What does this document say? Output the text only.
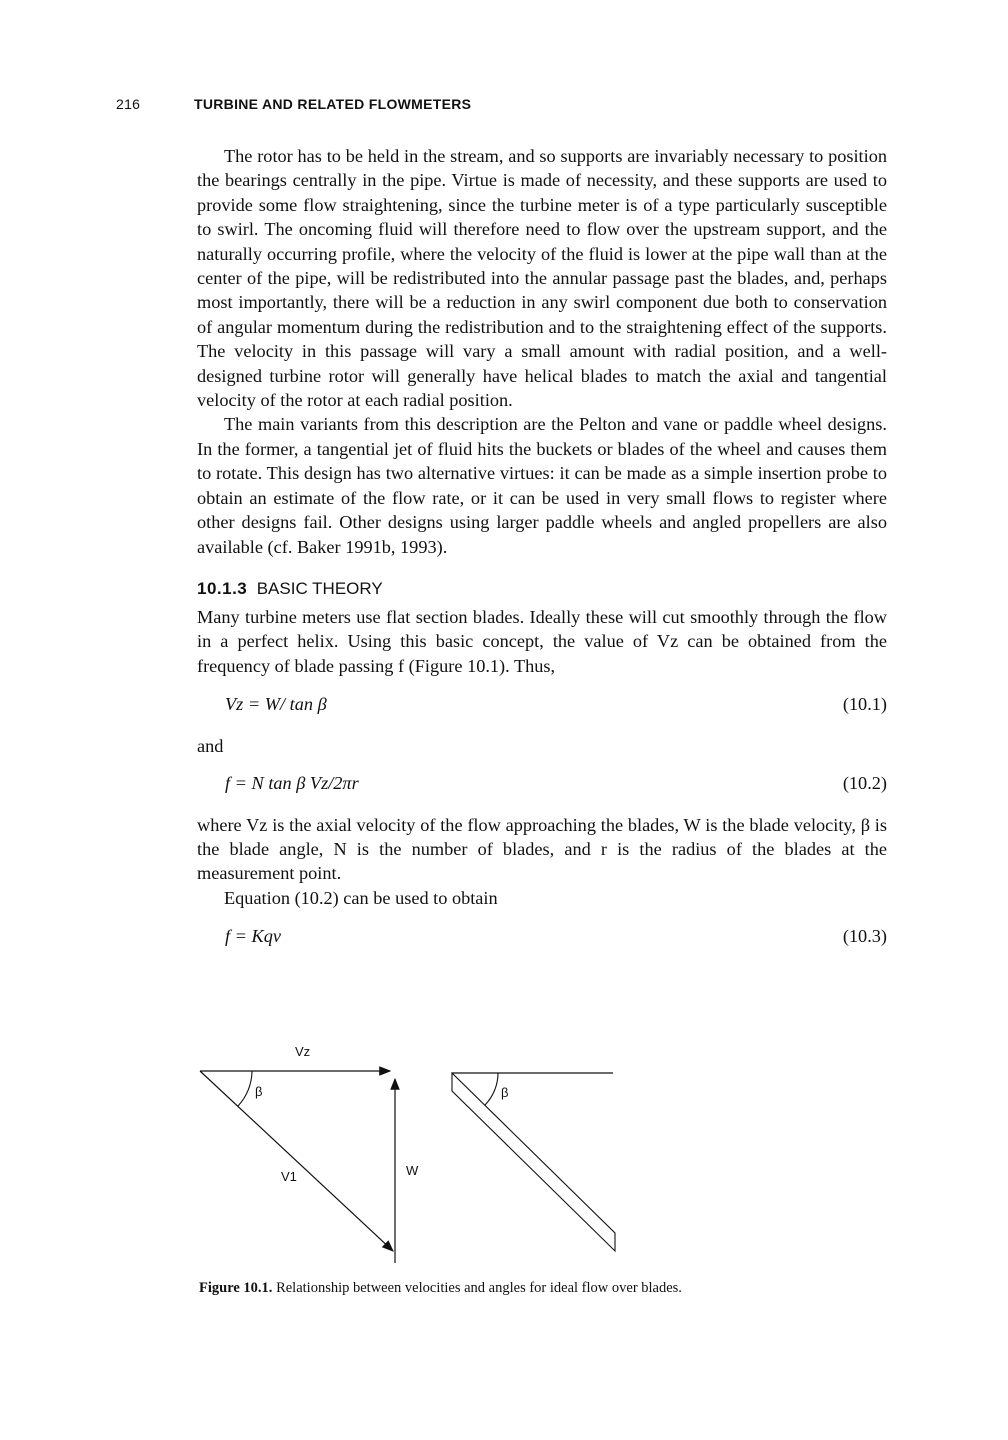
216	TURBINE AND RELATED FLOWMETERS

The rotor has to be held in the stream, and so supports are invariably necessary to position the bearings centrally in the pipe. Virtue is made of necessity, and these supports are used to provide some flow straightening, since the turbine meter is of a type particularly susceptible to swirl. The oncoming fluid will therefore need to flow over the upstream support, and the naturally occurring profile, where the velocity of the fluid is lower at the pipe wall than at the center of the pipe, will be redistributed into the annular passage past the blades, and, perhaps most importantly, there will be a reduction in any swirl component due both to conservation of angular momentum during the redistribution and to the straightening effect of the supports. The velocity in this passage will vary a small amount with radial position, and a well-designed turbine rotor will generally have helical blades to match the axial and tangential velocity of the rotor at each radial position.

The main variants from this description are the Pelton and vane or paddle wheel designs. In the former, a tangential jet of fluid hits the buckets or blades of the wheel and causes them to rotate. This design has two alternative virtues: it can be made as a simple insertion probe to obtain an estimate of the flow rate, or it can be used in very small flows to register where other designs fail. Other designs using larger paddle wheels and angled propellers are also available (cf. Baker 1991b, 1993).

10.1.3 BASIC THEORY

Many turbine meters use flat section blades. Ideally these will cut smoothly through the flow in a perfect helix. Using this basic concept, the value of Vz can be obtained from the frequency of blade passing f (Figure 10.1). Thus,

Vz = W/ tan β	(10.1)

and

f = N tan β Vz/2πr	(10.2)

where Vz is the axial velocity of the flow approaching the blades, W is the blade velocity, β is the blade angle, N is the number of blades, and r is the radius of the blades at the measurement point.

Equation (10.2) can be used to obtain

f = Kqv	(10.3)
Vz
β
V1	W
β
Figure 10.1. Relationship between velocities and angles for ideal flow over blades.
